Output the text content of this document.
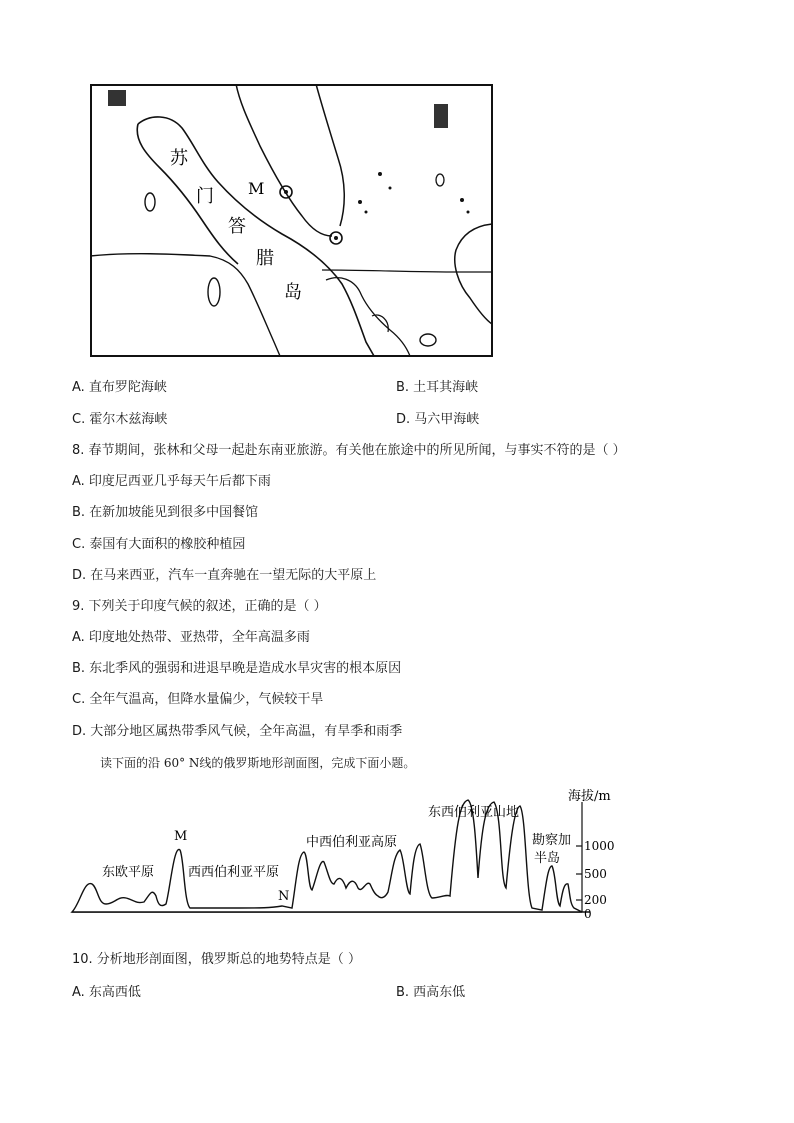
苏
门
答
腊
岛
M
A. 直布罗陀海峡	B. 土耳其海峡
C. 霍尔木兹海峡	D. 马六甲海峡
8. 春节期间，张林和父母一起赴东南亚旅游。有关他在旅途中的所见所闻，与事实不符的是（ ）
A. 印度尼西亚几乎每天午后都下雨
B. 在新加坡能见到很多中国餐馆
C. 泰国有大面积的橡胶种植园
D. 在马来西亚，汽车一直奔驰在一望无际的大平原上
9. 下列关于印度气候的叙述，正确的是（ ）
A. 印度地处热带、亚热带，全年高温多雨
B. 东北季风的强弱和进退早晚是造成水旱灾害的根本原因
C. 全年气温高，但降水量偏少，气候较干旱
D. 大部分地区属热带季风气候，全年高温，有旱季和雨季
读下面的沿 60° N线的俄罗斯地形剖面图，完成下面小题。
东欧平原
M
西西伯利亚平原
N
中西伯利亚高原
东西伯利亚山地
勘察加
半岛
海拔/m
1000
500
200
0
10. 分析地形剖面图，俄罗斯总的地势特点是（ ）
A. 东高西低	B. 西高东低
